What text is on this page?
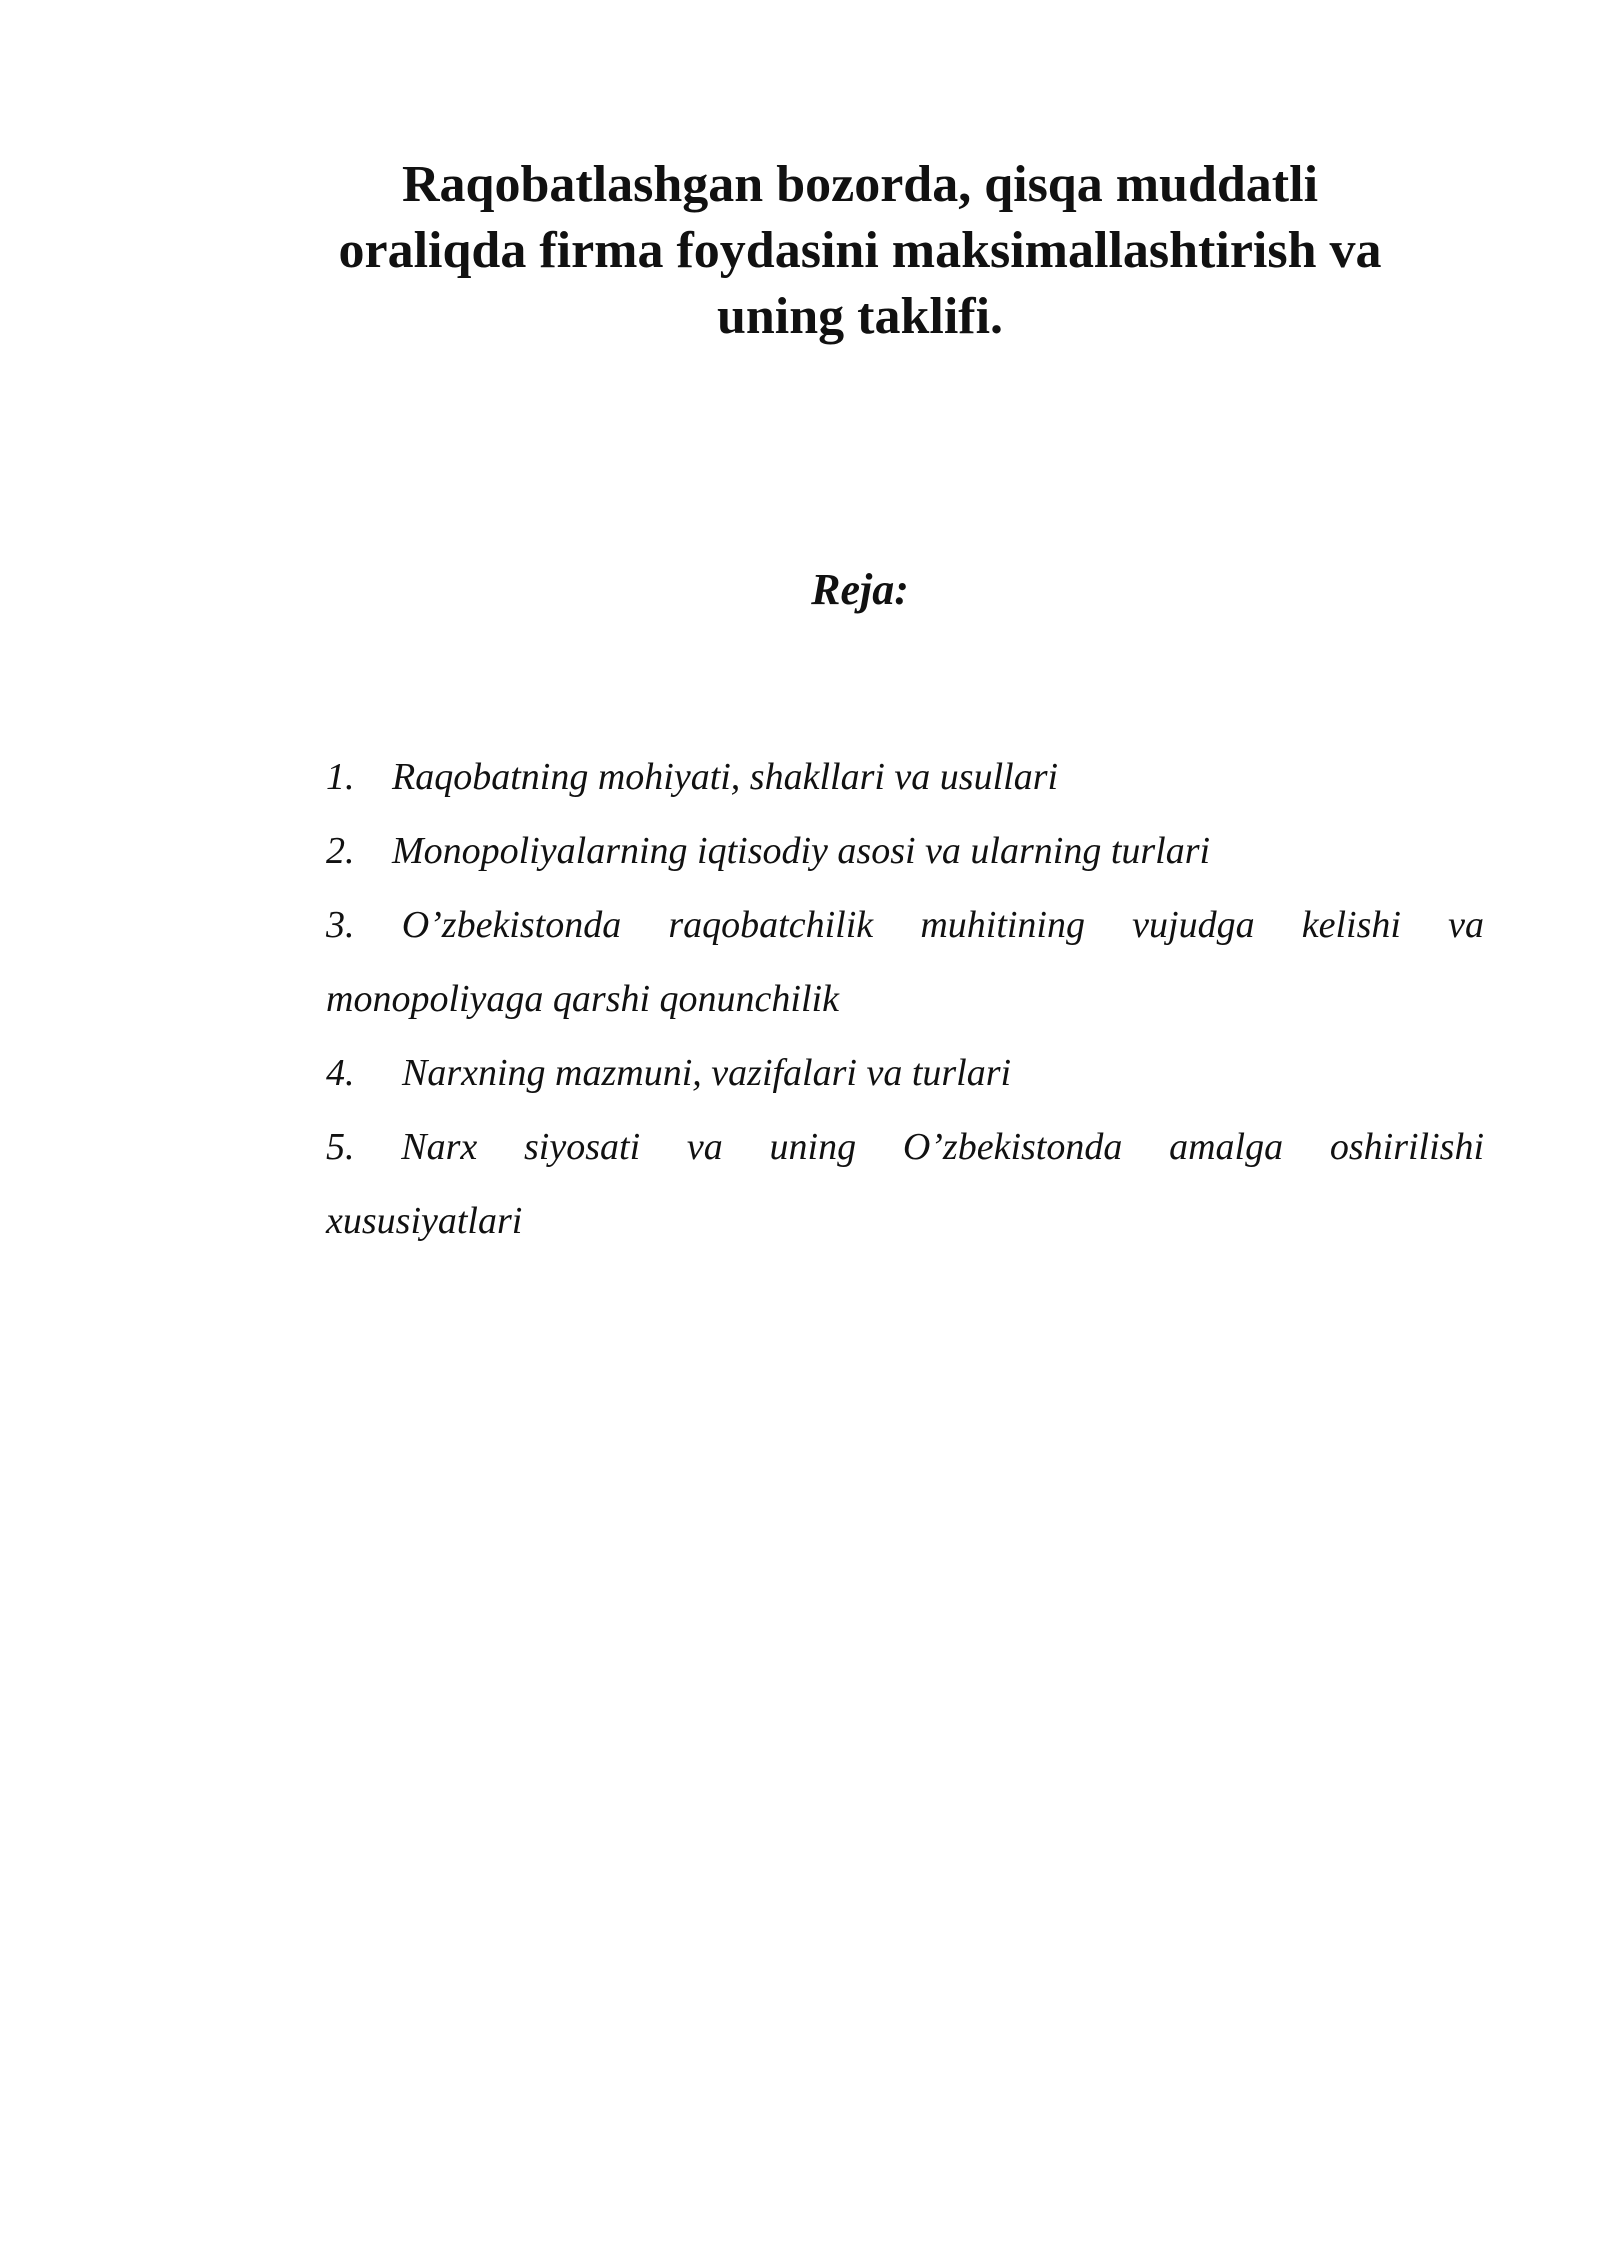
Raqobatlashgan bozorda, qisqa muddatli
oraliqda firma foydasini maksimallashtirish va
uning taklifi.
Reja:
1. Raqobatning mohiyati, shakllari va usullari
2. Monopoliyalarning iqtisodiy asosi va ularning turlari
3. O’zbekistonda raqobatchilik muhitining vujudga kelishi va
monopoliyaga qarshi qonunchilik
4.	Narxning mazmuni, vazifalari va turlari
5. Narx siyosati va uning O’zbekistonda amalga oshirilishi
xususiyatlari
